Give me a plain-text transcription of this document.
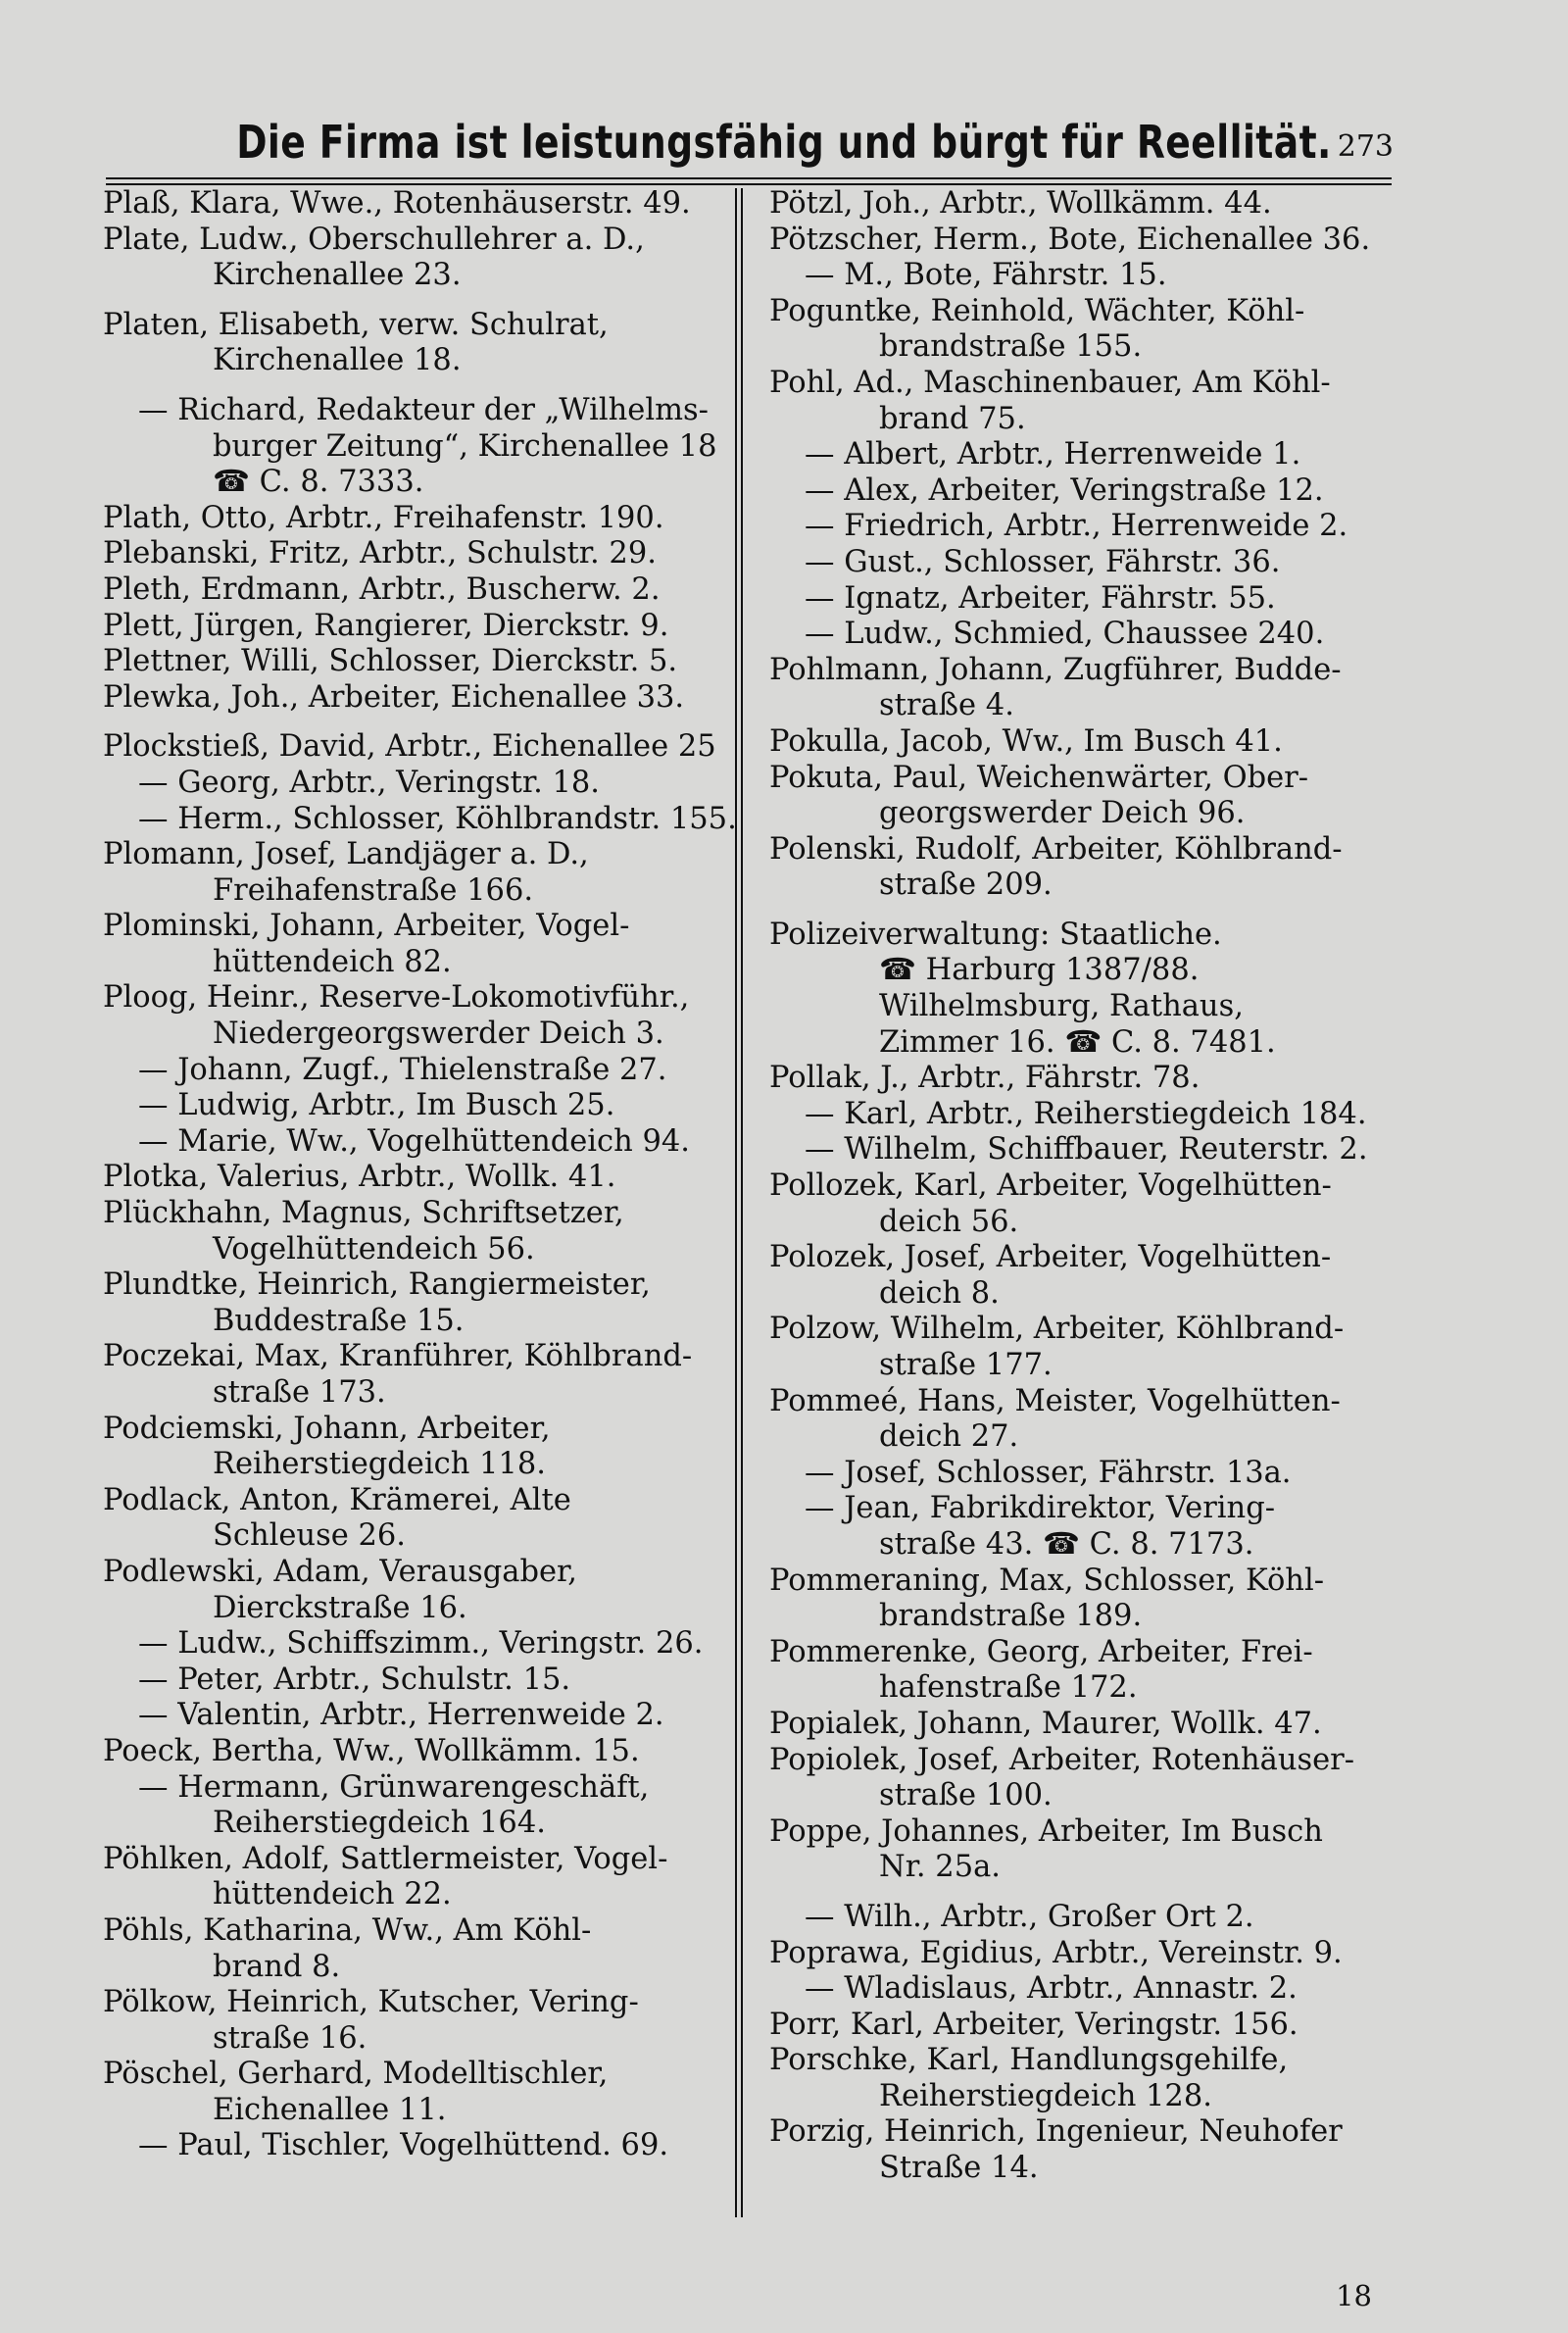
Die Firma ist leistungsfähig und bürgt für Reellität. 273
Plaß, Klara, Wwe., Rotenhäuserstr. 49.
Plate, Ludw., Oberschullehrer a. D.,
Kirchenallee 23.
Platen, Elisabeth, verw. Schulrat,
Kirchenallee 18.
— Richard, Redakteur der „Wilhelms-
burger Zeitung“, Kirchenallee 18
☎ C. 8. 7333.
Plath, Otto, Arbtr., Freihafenstr. 190.
Plebanski, Fritz, Arbtr., Schulstr. 29.
Pleth, Erdmann, Arbtr., Buscherw. 2.
Plett, Jürgen, Rangierer, Dierckstr. 9.
Plettner, Willi, Schlosser, Dierckstr. 5.
Plewka, Joh., Arbeiter, Eichenallee 33.
Plockstieß, David, Arbtr., Eichenallee 25
— Georg, Arbtr., Veringstr. 18.
— Herm., Schlosser, Köhlbrandstr. 155.
Plomann, Josef, Landjäger a. D.,
Freihafenstraße 166.
Plominski, Johann, Arbeiter, Vogel-
hüttendeich 82.
Ploog, Heinr., Reserve-Lokomotivführ.,
Niedergeorgswerder Deich 3.
— Johann, Zugf., Thielenstraße 27.
— Ludwig, Arbtr., Im Busch 25.
— Marie, Ww., Vogelhüttendeich 94.
Plotka, Valerius, Arbtr., Wollk. 41.
Plückhahn, Magnus, Schriftsetzer,
Vogelhüttendeich 56.
Plundtke, Heinrich, Rangiermeister,
Buddestraße 15.
Poczekai, Max, Kranführer, Köhlbrand-
straße 173.
Podciemski, Johann, Arbeiter,
Reiherstiegdeich 118.
Podlack, Anton, Krämerei, Alte
Schleuse 26.
Podlewski, Adam, Verausgaber,
Dierckstraße 16.
— Ludw., Schiffszimm., Veringstr. 26.
— Peter, Arbtr., Schulstr. 15.
— Valentin, Arbtr., Herrenweide 2.
Poeck, Bertha, Ww., Wollkämm. 15.
— Hermann, Grünwarengeschäft,
Reiherstiegdeich 164.
Pöhlken, Adolf, Sattlermeister, Vogel-
hüttendeich 22.
Pöhls, Katharina, Ww., Am Köhl-
brand 8.
Pölkow, Heinrich, Kutscher, Vering-
straße 16.
Pöschel, Gerhard, Modelltischler,
Eichenallee 11.
— Paul, Tischler, Vogelhüttend. 69.
Pötzl, Joh., Arbtr., Wollkämm. 44.
Pötzscher, Herm., Bote, Eichenallee 36.
— M., Bote, Fährstr. 15.
Poguntke, Reinhold, Wächter, Köhl-
brandstraße 155.
Pohl, Ad., Maschinenbauer, Am Köhl-
brand 75.
— Albert, Arbtr., Herrenweide 1.
— Alex, Arbeiter, Veringstraße 12.
— Friedrich, Arbtr., Herrenweide 2.
— Gust., Schlosser, Fährstr. 36.
— Ignatz, Arbeiter, Fährstr. 55.
— Ludw., Schmied, Chaussee 240.
Pohlmann, Johann, Zugführer, Budde-
straße 4.
Pokulla, Jacob, Ww., Im Busch 41.
Pokuta, Paul, Weichenwärter, Ober-
georgswerder Deich 96.
Polenski, Rudolf, Arbeiter, Köhlbrand-
straße 209.
Polizeiverwaltung: Staatliche.
☎ Harburg 1387/88.
Wilhelmsburg, Rathaus,
Zimmer 16. ☎ C. 8. 7481.
Pollak, J., Arbtr., Fährstr. 78.
— Karl, Arbtr., Reiherstiegdeich 184.
— Wilhelm, Schiffbauer, Reuterstr. 2.
Pollozek, Karl, Arbeiter, Vogelhütten-
deich 56.
Polozek, Josef, Arbeiter, Vogelhütten-
deich 8.
Polzow, Wilhelm, Arbeiter, Köhlbrand-
straße 177.
Pommeé, Hans, Meister, Vogelhütten-
deich 27.
— Josef, Schlosser, Fährstr. 13a.
— Jean, Fabrikdirektor, Vering-
straße 43. ☎ C. 8. 7173.
Pommeraning, Max, Schlosser, Köhl-
brandstraße 189.
Pommerenke, Georg, Arbeiter, Frei-
hafenstraße 172.
Popialek, Johann, Maurer, Wollk. 47.
Popiolek, Josef, Arbeiter, Rotenhäuser-
straße 100.
Poppe, Johannes, Arbeiter, Im Busch
Nr. 25a.
— Wilh., Arbtr., Großer Ort 2.
Poprawa, Egidius, Arbtr., Vereinstr. 9.
— Wladislaus, Arbtr., Annastr. 2.
Porr, Karl, Arbeiter, Veringstr. 156.
Porschke, Karl, Handlungsgehilfe,
Reiherstiegdeich 128.
Porzig, Heinrich, Ingenieur, Neuhofer
Straße 14.
18
